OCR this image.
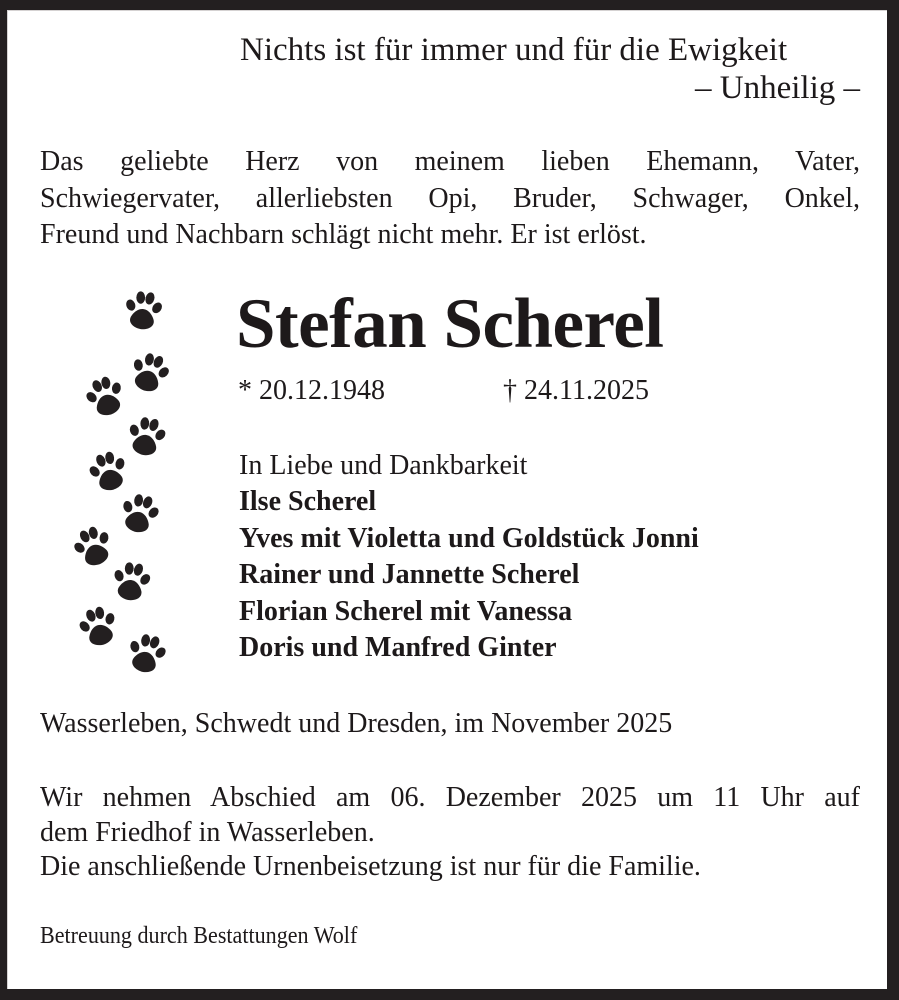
Nichts ist für immer und für die Ewigkeit
– Unheilig –
Das geliebte Herz von meinem lieben Ehemann, Vater,
Schwiegervater, allerliebsten Opi, Bruder, Schwager, Onkel,
Freund und Nachbarn schlägt nicht mehr. Er ist erlöst.
Stefan Scherel
* 20.12.1948	† 24.11.2025
In Liebe und Dankbarkeit
Ilse Scherel
Yves mit Violetta und Goldstück Jonni
Rainer und Jannette Scherel
Florian Scherel mit Vanessa
Doris und Manfred Ginter
Wasserleben, Schwedt und Dresden, im November 2025
Wir nehmen Abschied am 06. Dezember 2025 um 11 Uhr auf
dem Friedhof in Wasserleben.
Die anschließende Urnenbeisetzung ist nur für die Familie.
Betreuung durch Bestattungen Wolf
